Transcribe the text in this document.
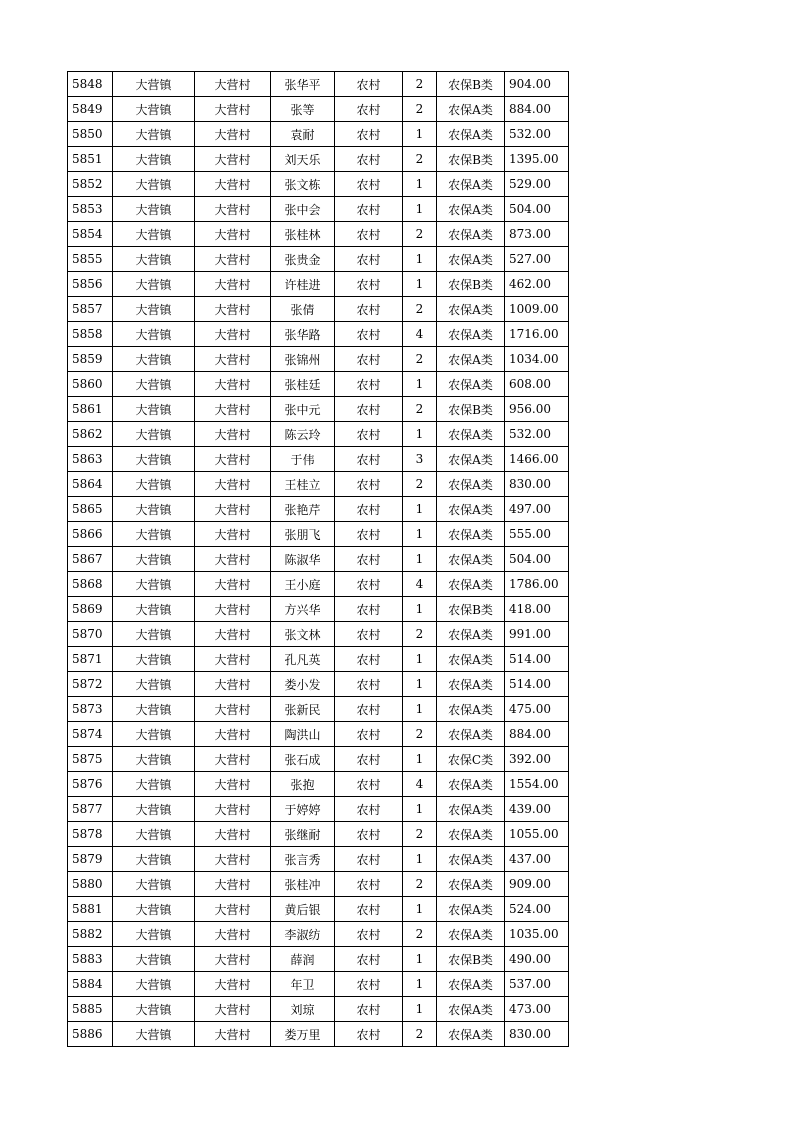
5848	大营镇	大营村	张华平	农村	2	农保B类	904.00
5849	大营镇	大营村	张等	农村	2	农保A类	884.00
5850	大营镇	大营村	袁耐	农村	1	农保A类	532.00
5851	大营镇	大营村	刘天乐	农村	2	农保B类	1395.00
5852	大营镇	大营村	张文栋	农村	1	农保A类	529.00
5853	大营镇	大营村	张中会	农村	1	农保A类	504.00
5854	大营镇	大营村	张桂林	农村	2	农保A类	873.00
5855	大营镇	大营村	张贵金	农村	1	农保A类	527.00
5856	大营镇	大营村	许桂进	农村	1	农保B类	462.00
5857	大营镇	大营村	张倩	农村	2	农保A类	1009.00
5858	大营镇	大营村	张华路	农村	4	农保A类	1716.00
5859	大营镇	大营村	张锦州	农村	2	农保A类	1034.00
5860	大营镇	大营村	张桂廷	农村	1	农保A类	608.00
5861	大营镇	大营村	张中元	农村	2	农保B类	956.00
5862	大营镇	大营村	陈云玲	农村	1	农保A类	532.00
5863	大营镇	大营村	于伟	农村	3	农保A类	1466.00
5864	大营镇	大营村	王桂立	农村	2	农保A类	830.00
5865	大营镇	大营村	张艳芹	农村	1	农保A类	497.00
5866	大营镇	大营村	张朋飞	农村	1	农保A类	555.00
5867	大营镇	大营村	陈淑华	农村	1	农保A类	504.00
5868	大营镇	大营村	王小庭	农村	4	农保A类	1786.00
5869	大营镇	大营村	方兴华	农村	1	农保B类	418.00
5870	大营镇	大营村	张文林	农村	2	农保A类	991.00
5871	大营镇	大营村	孔凡英	农村	1	农保A类	514.00
5872	大营镇	大营村	娄小发	农村	1	农保A类	514.00
5873	大营镇	大营村	张新民	农村	1	农保A类	475.00
5874	大营镇	大营村	陶洪山	农村	2	农保A类	884.00
5875	大营镇	大营村	张石成	农村	1	农保C类	392.00
5876	大营镇	大营村	张抱	农村	4	农保A类	1554.00
5877	大营镇	大营村	于婷婷	农村	1	农保A类	439.00
5878	大营镇	大营村	张继耐	农村	2	农保A类	1055.00
5879	大营镇	大营村	张言秀	农村	1	农保A类	437.00
5880	大营镇	大营村	张桂冲	农村	2	农保A类	909.00
5881	大营镇	大营村	黄后银	农村	1	农保A类	524.00
5882	大营镇	大营村	李淑纺	农村	2	农保A类	1035.00
5883	大营镇	大营村	薛润	农村	1	农保B类	490.00
5884	大营镇	大营村	年卫	农村	1	农保A类	537.00
5885	大营镇	大营村	刘琼	农村	1	农保A类	473.00
5886	大营镇	大营村	娄万里	农村	2	农保A类	830.00
